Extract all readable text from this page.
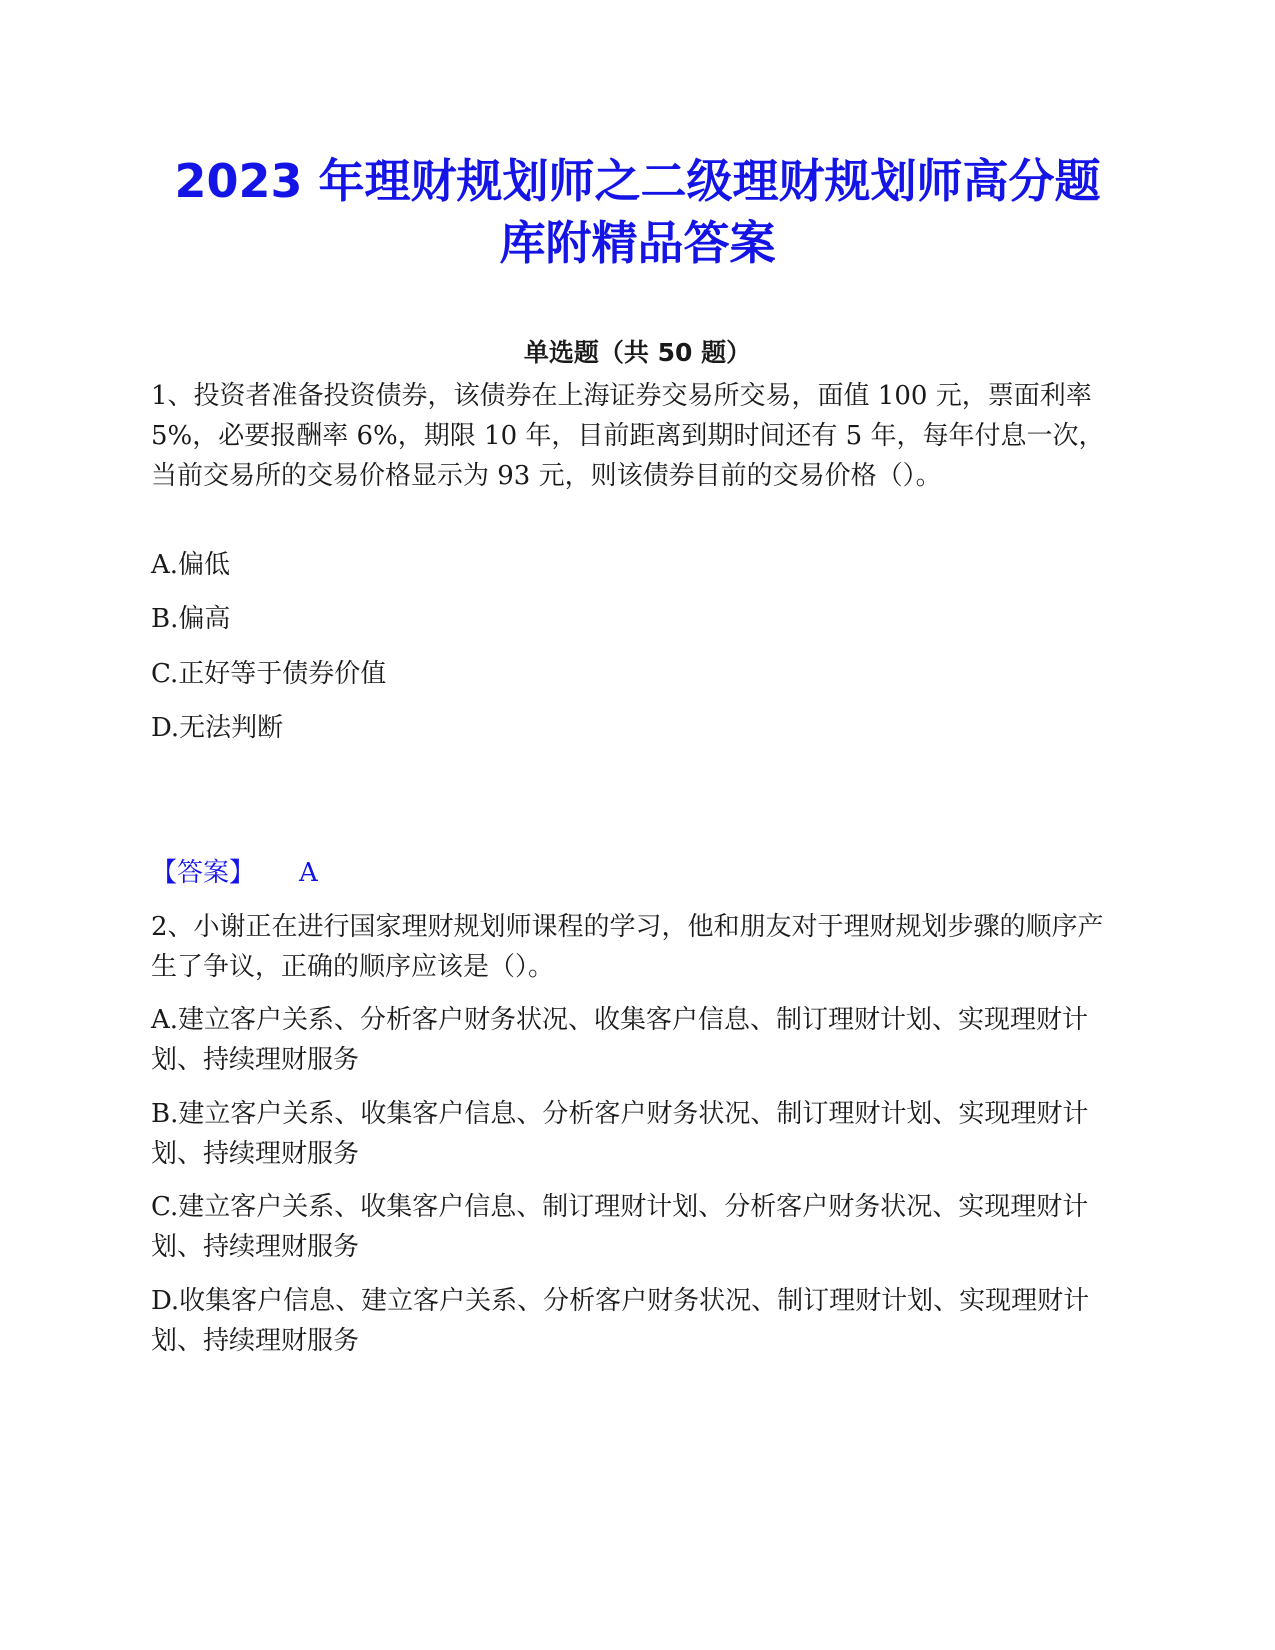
2023 年理财规划师之二级理财规划师高分题
库附精品答案
单选题（共 50 题）
1、投资者准备投资债券，该债券在上海证券交易所交易，面值 100 元，票面利率 5%，必要报酬率 6%，期限 10 年，目前距离到期时间还有 5 年，每年付息一次，当前交易所的交易价格显示为 93 元，则该债券目前的交易价格（）。
A.偏低
B.偏高
C.正好等于债券价值
D.无法判断
【答案】 A
2、小谢正在进行国家理财规划师课程的学习，他和朋友对于理财规划步骤的顺序产生了争议，正确的顺序应该是（）。
A.建立客户关系、分析客户财务状况、收集客户信息、制订理财计划、实现理财计划、持续理财服务
B.建立客户关系、收集客户信息、分析客户财务状况、制订理财计划、实现理财计划、持续理财服务
C.建立客户关系、收集客户信息、制订理财计划、分析客户财务状况、实现理财计划、持续理财服务
D.收集客户信息、建立客户关系、分析客户财务状况、制订理财计划、实现理财计划、持续理财服务
